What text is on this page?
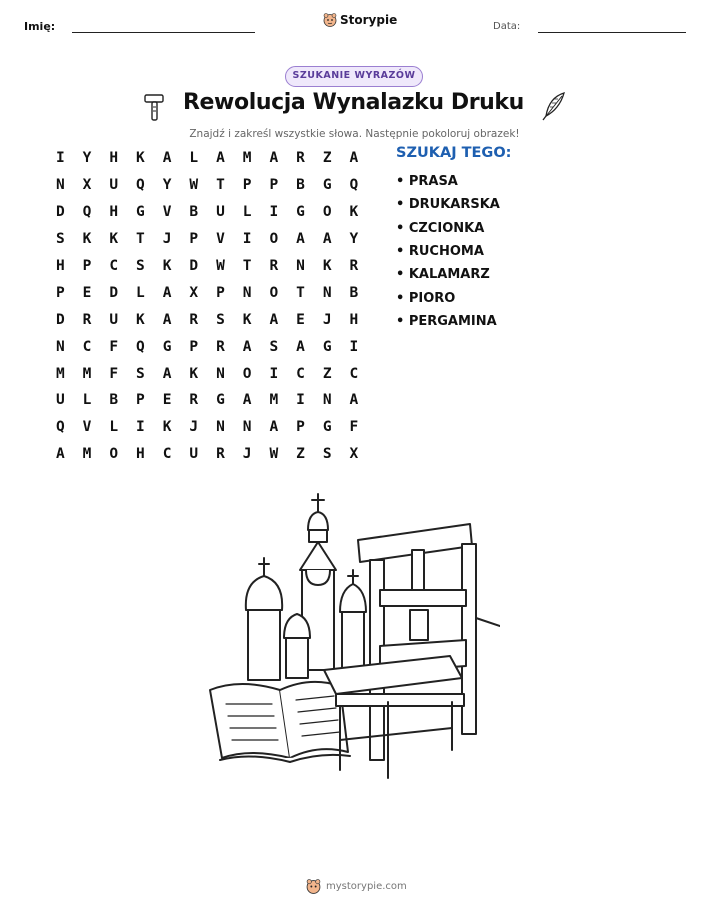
Imię:	Storypie	Data:
SZUKANIE WYRAZÓW
Rewolucja Wynalazku Druku
Znajdź i zakreśl wszystkie słowa. Następnie pokoloruj obrazek!
I	Y	H	K	A	L	A	M	A	R	Z	A
N	X	U	Q	Y	W	T	P	P	B	G	Q
D	Q	H	G	V	B	U	L	I	G	O	K
S	K	K	T	J	P	V	I	O	A	A	Y
H	P	C	S	K	D	W	T	R	N	K	R
P	E	D	L	A	X	P	N	O	T	N	B
D	R	U	K	A	R	S	K	A	E	J	H
N	C	F	Q	G	P	R	A	S	A	G	I
M	M	F	S	A	K	N	O	I	C	Z	C
U	L	B	P	E	R	G	A	M	I	N	A
Q	V	L	I	K	J	N	N	A	P	G	F
A	M	O	H	C	U	R	J	W	Z	S	X
SZUKAJ TEGO:
• PRASA
• DRUKARSKA
• CZCIONKA
• RUCHOMA
• KALAMARZ
• PIORO
• PERGAMINA
mystorypie.com
